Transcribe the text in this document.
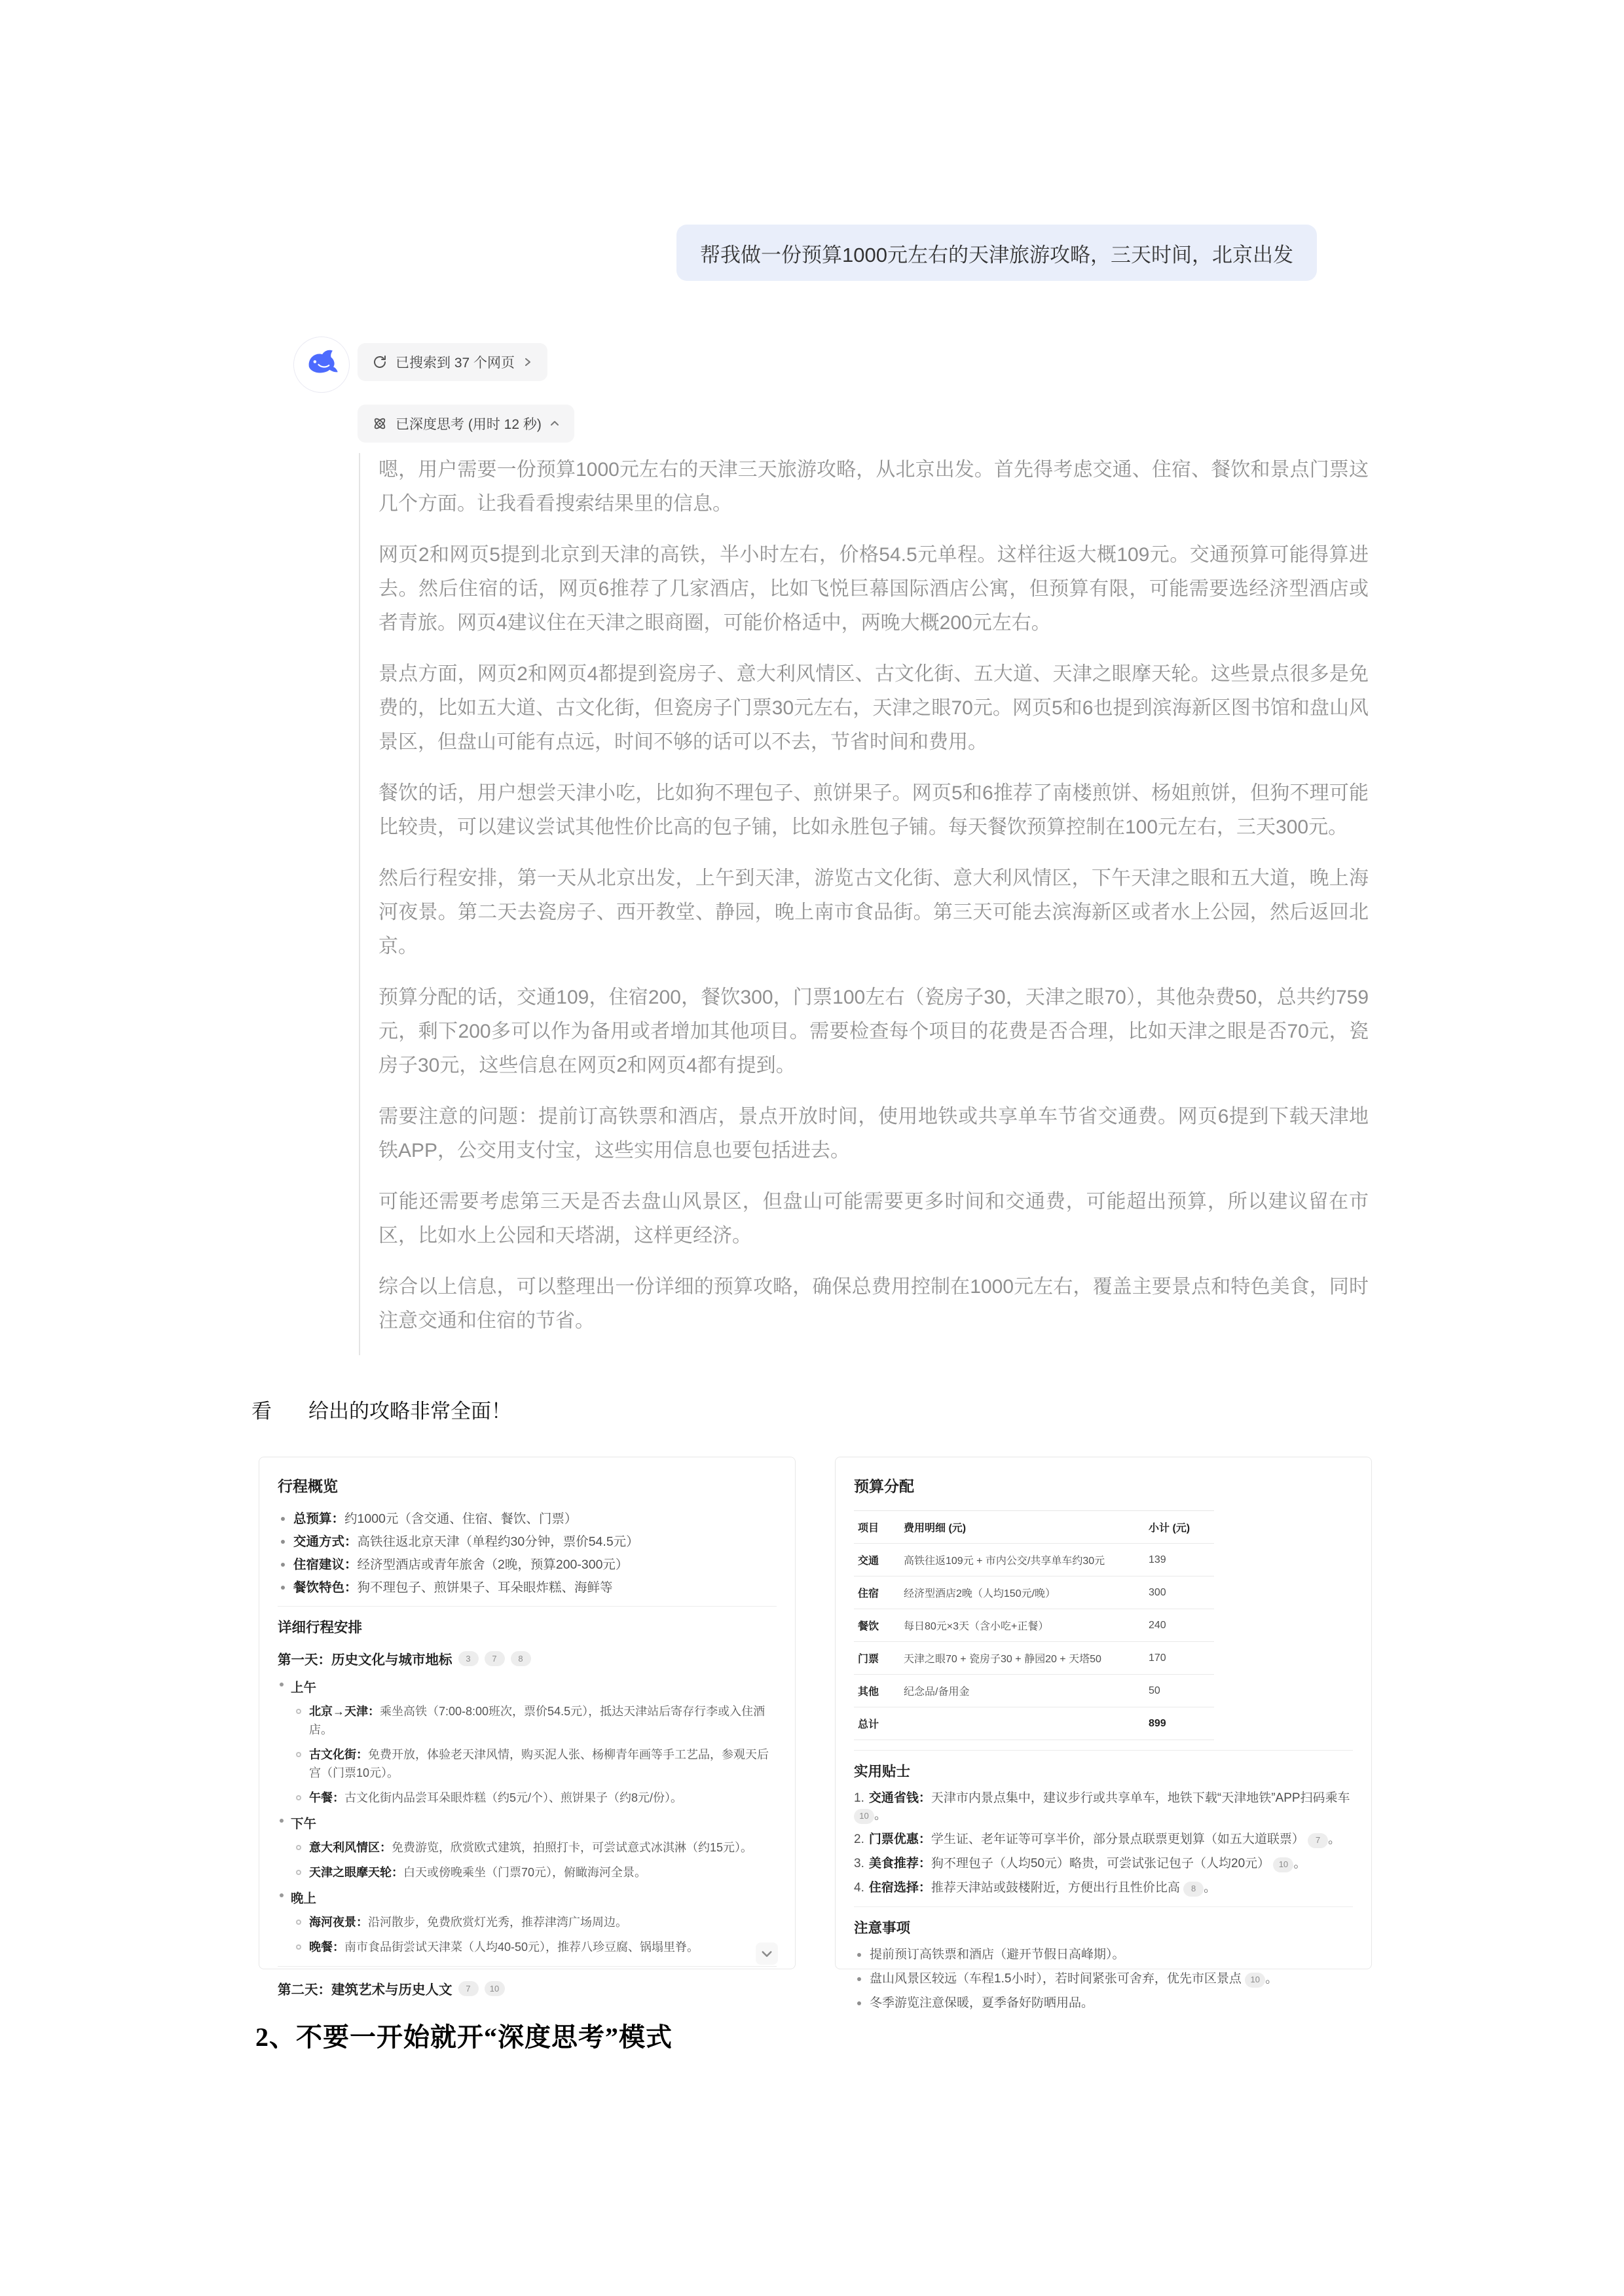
帮我做一份预算1000元左右的天津旅游攻略，三天时间，北京出发
已搜索到 37 个网页
已深度思考 (用时 12 秒)

嗯，用户需要一份预算1000元左右的天津三天旅游攻略，从北京出发。首先得考虑交通、住宿、餐饮和景点门票这几个方面。让我看看搜索结果里的信息。

网页2和网页5提到北京到天津的高铁，半小时左右，价格54.5元单程。这样往返大概109元。交通预算可能得算进去。然后住宿的话，网页6推荐了几家酒店，比如飞悦巨幕国际酒店公寓，但预算有限，可能需要选经济型酒店或者青旅。网页4建议住在天津之眼商圈，可能价格适中，两晚大概200元左右。

景点方面，网页2和网页4都提到瓷房子、意大利风情区、古文化街、五大道、天津之眼摩天轮。这些景点很多是免费的，比如五大道、古文化街，但瓷房子门票30元左右，天津之眼70元。网页5和6也提到滨海新区图书馆和盘山风景区，但盘山可能有点远，时间不够的话可以不去，节省时间和费用。

餐饮的话，用户想尝天津小吃，比如狗不理包子、煎饼果子。网页5和6推荐了南楼煎饼、杨姐煎饼，但狗不理可能比较贵，可以建议尝试其他性价比高的包子铺，比如永胜包子铺。每天餐饮预算控制在100元左右，三天300元。

然后行程安排，第一天从北京出发，上午到天津，游览古文化街、意大利风情区，下午天津之眼和五大道，晚上海河夜景。第二天去瓷房子、西开教堂、静园，晚上南市食品街。第三天可能去滨海新区或者水上公园，然后返回北京。

预算分配的话，交通109，住宿200，餐饮300，门票100左右（瓷房子30，天津之眼70），其他杂费50，总共约759元，剩下200多可以作为备用或者增加其他项目。需要检查每个项目的花费是否合理，比如天津之眼是否70元，瓷房子30元，这些信息在网页2和网页4都有提到。

需要注意的问题：提前订高铁票和酒店，景点开放时间，使用地铁或共享单车节省交通费。网页6提到下载天津地铁APP，公交用支付宝，这些实用信息也要包括进去。

可能还需要考虑第三天是否去盘山风景区，但盘山可能需要更多时间和交通费，可能超出预算，所以建议留在市区，比如水上公园和天塔湖，这样更经济。

综合以上信息，可以整理出一份详细的预算攻略，确保总费用控制在1000元左右，覆盖主要景点和特色美食，同时注意交通和住宿的节省。

看 给出的攻略非常全面！
行程概览
总预算：约1000元（含交通、住宿、餐饮、门票）
交通方式：高铁往返北京天津（单程约30分钟，票价54.5元）
住宿建议：经济型酒店或青年旅舍（2晚，预算200-300元）
餐饮特色：狗不理包子、煎饼果子、耳朵眼炸糕、海鲜等
详细行程安排
第一天：历史文化与城市地标	3	7	8
上午
北京→天津：乘坐高铁（7:00-8:00班次，票价54.5元），抵达天津站后寄存行李或入住酒店。
古文化街：免费开放，体验老天津风情，购买泥人张、杨柳青年画等手工艺品，参观天后宫（门票10元）。
午餐：古文化街内品尝耳朵眼炸糕（约5元/个）、煎饼果子（约8元/份）。
下午
意大利风情区：免费游览，欣赏欧式建筑，拍照打卡，可尝试意式冰淇淋（约15元）。
天津之眼摩天轮：白天或傍晚乘坐（门票70元），俯瞰海河全景。
晚上
海河夜景：沿河散步，免费欣赏灯光秀，推荐津湾广场周边。
晚餐：南市食品街尝试天津菜（人均40-50元），推荐八珍豆腐、锅塌里脊。
第二天：建筑艺术与历史人文	7	10
预算分配
项目	费用明细 (元)	小计 (元)
交通	高铁往返109元 + 市内公交/共享单车约30元	139
住宿	经济型酒店2晚（人均150元/晚）	300
餐饮	每日80元×3天（含小吃+正餐）	240
门票	天津之眼70 + 瓷房子30 + 静园20 + 天塔50	170
其他	纪念品/备用金	50
总计		899
实用贴士
1. 交通省钱：天津市内景点集中，建议步行或共享单车，地铁下载“天津地铁”APP扫码乘车 10 。
2. 门票优惠：学生证、老年证等可享半价，部分景点联票更划算（如五大道联票） 7 。
3. 美食推荐：狗不理包子（人均50元）略贵，可尝试张记包子（人均20元） 10 。
4. 住宿选择：推荐天津站或鼓楼附近，方便出行且性价比高 8 。
注意事项
提前预订高铁票和酒店（避开节假日高峰期）。
盘山风景区较远（车程1.5小时），若时间紧张可舍弃，优先市区景点 10 。
冬季游览注意保暖，夏季备好防晒用品。
2、不要一开始就开“深度思考”模式
